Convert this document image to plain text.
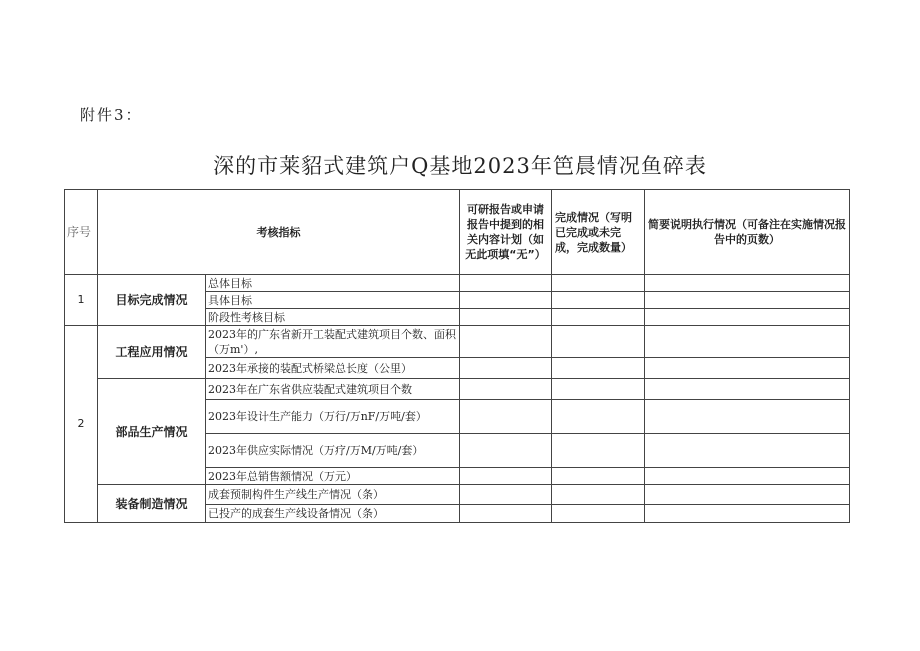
附件3：
深的市莱貂式建筑户Q基地2023年笆晨情况鱼碎表
序号	考核指标		可研报告或申请报告中提到的相关内容计划（如无此项填“无”）	完成情况（写明已完成或未完成，完成数量）	简要说明执行情况（可备注在实施情况报告中的页数）
1	目标完成情况	总体目标			
		具体目标			
		阶段性考核目标			
2	工程应用情况	2023年的广东省新开工装配式建筑项目个数、面积（万m'）,			
		2023年承接的装配式桥梁总长度（公里）			
	部品生产情况	2023年在广东省供应装配式建筑项目个数			
		2023年设计生产能力（万行/万nF/万吨/套）			
		2023年供应实际情况（万疗/万M/万吨/套）			
		2023年总销售额情况（万元）			
	装备制造情况	成套预制构件生产线生产情况（条）			
		已投产的成套生产线设备情况（条）			
